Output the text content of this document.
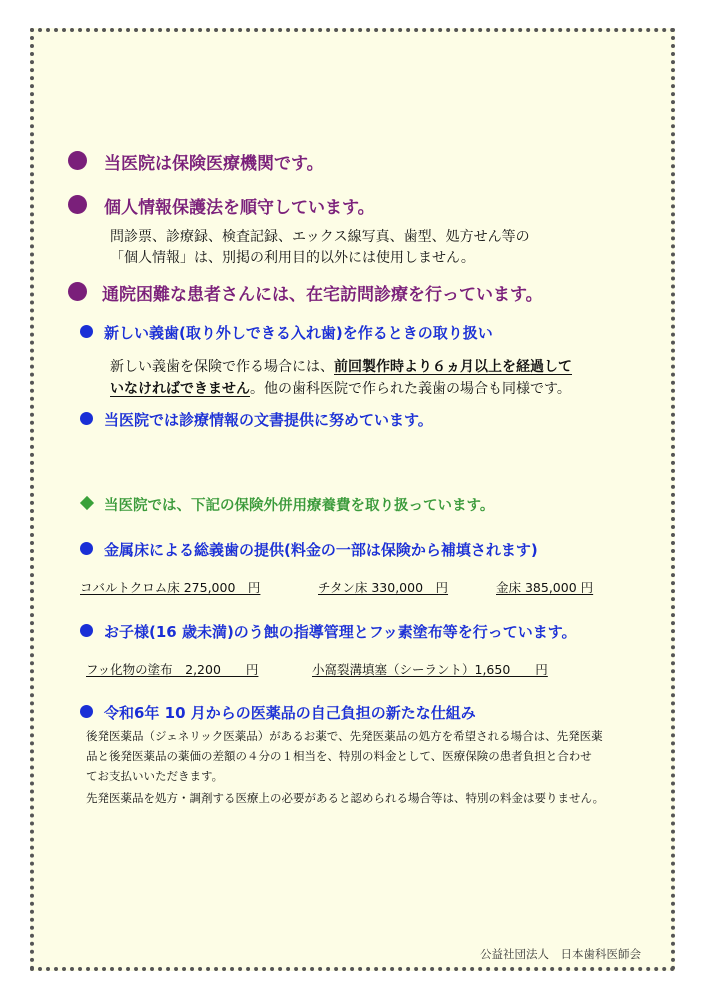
当医院は保険医療機関です。
個人情報保護法を順守しています。
問診票、診療録、検査記録、エックス線写真、歯型、処方せん等の
「個人情報」は、別掲の利用目的以外には使用しません。
通院困難な患者さんには、在宅訪問診療を行っています。
新しい義歯(取り外しできる入れ歯)を作るときの取り扱い
新しい義歯を保険で作る場合には、前回製作時より６ヵ月以上を経過して
いなければできません。他の歯科医院で作られた義歯の場合も同様です。
当医院では診療情報の文書提供に努めています。
当医院では、下記の保険外併用療養費を取り扱っています。
金属床による総義歯の提供(料金の一部は保険から補填されます)
コバルトクロム床 275,000　円	チタン床 330,000　円	金床 385,000 円
お子様(16 歳未満)のう蝕の指導管理とフッ素塗布等を行っています。
フッ化物の塗布　2,200　　円	小窩裂溝填塞（シーラント）1,650　　円
令和6年 10 月からの医薬品の自己負担の新たな仕組み
後発医薬品（ジェネリック医薬品）があるお薬で、先発医薬品の処方を希望される場合は、先発医薬
品と後発医薬品の薬価の差額の４分の１相当を、特別の料金として、医療保険の患者負担と合わせ
てお支払いいただきます。
先発医薬品を処方・調剤する医療上の必要があると認められる場合等は、特別の料金は要りません。
公益社団法人　日本歯科医師会
